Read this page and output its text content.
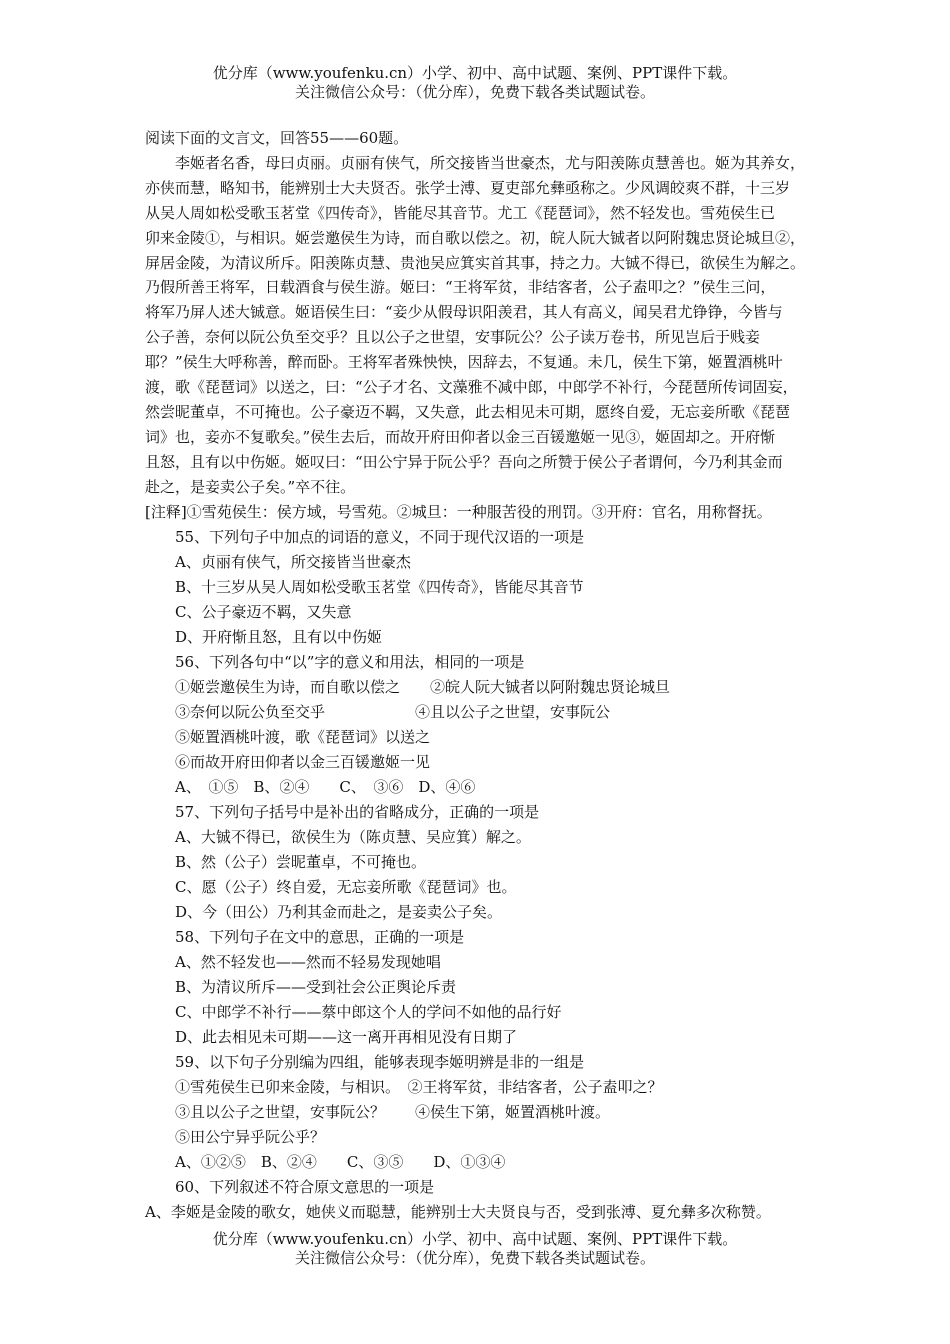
优分库（www.youfenku.cn）小学、初中、高中试题、案例、PPT课件下载。
关注微信公众号：（优分库），免费下载各类试题试卷。

阅读下面的文言文，回答55——60题。

李姬者名香，母曰贞丽。贞丽有侠气，所交接皆当世豪杰，尤与阳羡陈贞慧善也。姬为其养女，

亦侠而慧，略知书，能辨别士大夫贤否。张学士溥、夏吏部允彝亟称之。少风调皎爽不群，十三岁

从吴人周如松受歌玉茗堂《四传奇》，皆能尽其音节。尤工《琵琶词》，然不轻发也。雪苑侯生已

卯来金陵①，与相识。姬尝邀侯生为诗，而自歌以偿之。初，皖人阮大铖者以阿附魏忠贤论城旦②，

屏居金陵，为清议所斥。阳羡陈贞慧、贵池吴应箕实首其事，持之力。大铖不得已，欲侯生为解之。

乃假所善王将军，日载酒食与侯生游。姬曰：“王将军贫，非结客者，公子盍叩之？”侯生三问，

将军乃屏人述大铖意。姬语侯生曰：“妾少从假母识阳羡君，其人有高义，闻吴君尤铮铮，今皆与

公子善，奈何以阮公负至交乎？且以公子之世望，安事阮公？公子读万卷书，所见岂后于贱妾

耶？”侯生大呼称善，醉而卧。王将军者殊怏怏，因辞去，不复通。未几，侯生下第，姬置酒桃叶

渡，歌《琵琶词》以送之，曰：“公子才名、文藻雅不减中郎，中郎学不补行，今琵琶所传词固妄，

然尝昵董卓，不可掩也。公子豪迈不羁，又失意，此去相见未可期，愿终自爱，无忘妾所歌《琵琶

词》也，妾亦不复歌矣。”侯生去后，而故开府田仰者以金三百锾邀姬一见③，姬固却之。开府惭

且怒，且有以中伤姬。姬叹曰：“田公宁异于阮公乎？吾向之所赞于侯公子者谓何，今乃利其金而

赴之，是妾卖公子矣。”卒不往。

[注释]①雪苑侯生：侯方域，号雪苑。②城旦：一种服苦役的刑罚。③开府：官名，用称督抚。

55、下列句子中加点的词语的意义，不同于现代汉语的一项是

A、贞丽有侠气，所交接皆当世豪杰

B、十三岁从吴人周如松受歌玉茗堂《四传奇》，皆能尽其音节

C、公子豪迈不羁，又失意

D、开府惭且怒，且有以中伤姬

56、下列各句中“以”字的意义和用法，相同的一项是

①姬尝邀侯生为诗，而自歌以偿之　　②皖人阮大铖者以阿附魏忠贤论城旦

③奈何以阮公负至交乎　　　　　　④且以公子之世望，安事阮公

⑤姬置酒桃叶渡，歌《琵琶词》以送之

⑥而故开府田仰者以金三百锾邀姬一见

A、　①⑤　B、②④　　C、　③⑥　D、④⑥

57、下列句子括号中是补出的省略成分，正确的一项是

A、大铖不得已，欲侯生为（陈贞慧、吴应箕）解之。

B、然（公子）尝昵董卓，不可掩也。

C、愿（公子）终自爱，无忘妾所歌《琵琶词》也。

D、今（田公）乃利其金而赴之，是妾卖公子矣。

58、下列句子在文中的意思，正确的一项是

A、然不轻发也——然而不轻易发现她唱

B、为清议所斥——受到社会公正舆论斥责

C、中郎学不补行——蔡中郎这个人的学问不如他的品行好

D、此去相见未可期——这一离开再相见没有日期了

59、以下句子分别编为四组，能够表现李姬明辨是非的一组是

①雪苑侯生已卯来金陵，与相识。　②王将军贫，非结客者，公子盍叩之？

③且以公子之世望，安事阮公？　　④侯生下第，姬置酒桃叶渡。

⑤田公宁异乎阮公乎？

A、①②⑤　B、②④　　C、③⑤　　D、①③④

60、下列叙述不符合原文意思的一项是

A、李姬是金陵的歌女，她侠义而聪慧，能辨别士大夫贤良与否，受到张溥、夏允彝多次称赞。

优分库（www.youfenku.cn）小学、初中、高中试题、案例、PPT课件下载。
关注微信公众号：（优分库），免费下载各类试题试卷。
